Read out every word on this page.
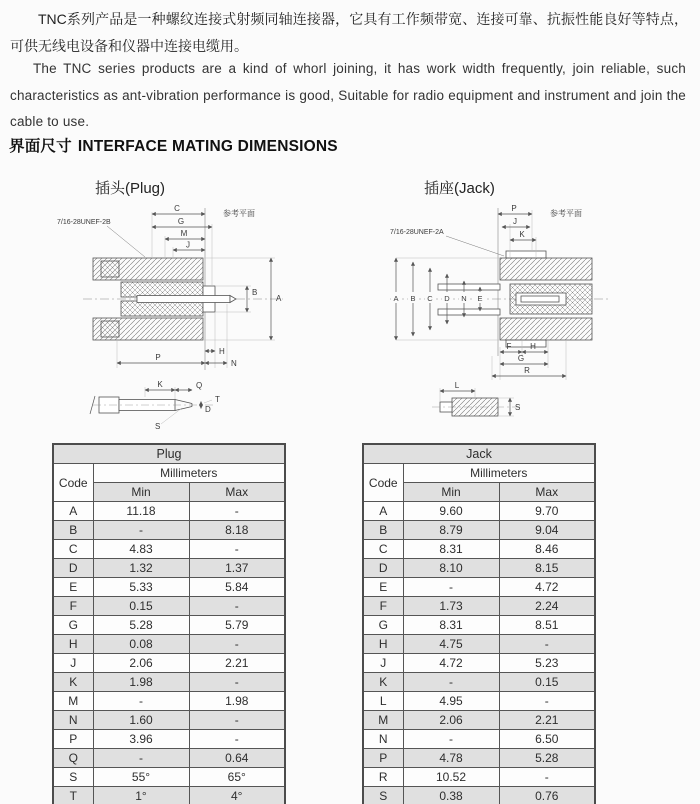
TNC系列产品是一种螺纹连接式射频同轴连接器，它具有工作频带宽、连接可靠、抗振性能良好等特点，可供无线电设备和仪器中连接电缆用。

The TNC series products are a kind of whorl joining, it has work width frequently, join reliable, such characteristics as ant-vibration performance is good, Suitable for radio equipment and instrument and join the cable to use.

界面尺寸 INTERFACE MATING DIMENSIONS
插头(Plug)	插座(Jack)
7/16-28UNEF-2B
参考平面
C
G
M
J
B
A
H
P
N
K	Q
D
T
S
7/16-28UNEF-2A
参考平面
P
J
K
A B C D N E
F H
G
R
L
S
Plug		
Code	Millimeters	
	Min	Max
A	11.18	-
B	-	8.18
C	4.83	-
D	1.32	1.37
E	5.33	5.84
F	0.15	-
G	5.28	5.79
H	0.08	-
J	2.06	2.21
K	1.98	-
M	-	1.98
N	1.60	-
P	3.96	-
Q	-	0.64
S	55°	65°
T	1°	4°
Jack		
Code	Millimeters	
	Min	Max
A	9.60	9.70
B	8.79	9.04
C	8.31	8.46
D	8.10	8.15
E	-	4.72
F	1.73	2.24
G	8.31	8.51
H	4.75	-
J	4.72	5.23
K	-	0.15
L	4.95	-
M	2.06	2.21
N	-	6.50
P	4.78	5.28
R	10.52	-
S	0.38	0.76
